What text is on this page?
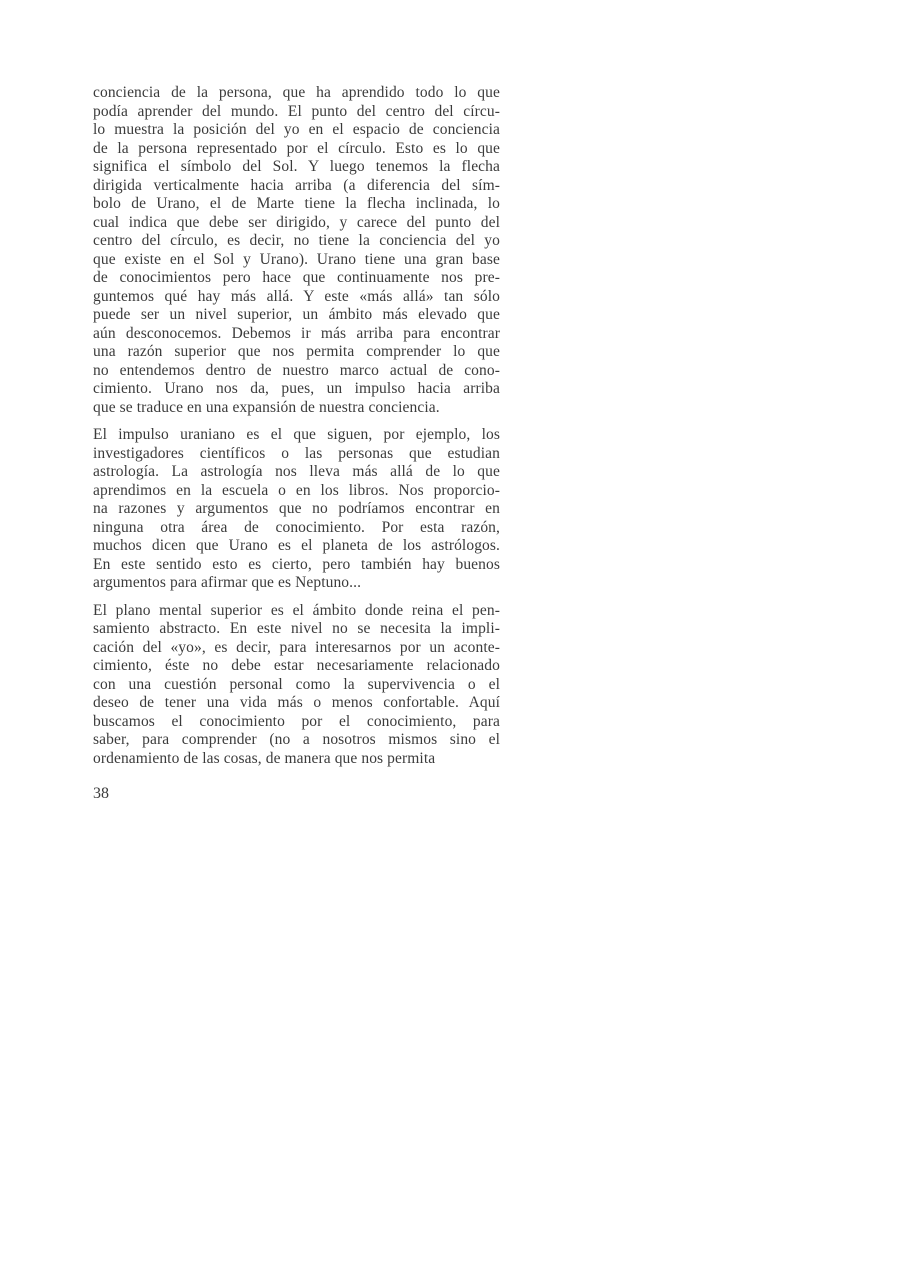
conciencia de la persona, que ha aprendido todo lo que
podía aprender del mundo. El punto del centro del círcu-
lo muestra la posición del yo en el espacio de conciencia
de la persona representado por el círculo. Esto es lo que
significa el símbolo del Sol. Y luego tenemos la flecha
dirigida verticalmente hacia arriba (a diferencia del sím-
bolo de Urano, el de Marte tiene la flecha inclinada, lo
cual indica que debe ser dirigido, y carece del punto del
centro del círculo, es decir, no tiene la conciencia del yo
que existe en el Sol y Urano). Urano tiene una gran base
de conocimientos pero hace que continuamente nos pre-
guntemos qué hay más allá. Y este «más allá» tan sólo
puede ser un nivel superior, un ámbito más elevado que
aún desconocemos. Debemos ir más arriba para encontrar
una razón superior que nos permita comprender lo que
no entendemos dentro de nuestro marco actual de cono-
cimiento. Urano nos da, pues, un impulso hacia arriba
que se traduce en una expansión de nuestra conciencia.
El impulso uraniano es el que siguen, por ejemplo, los
investigadores científicos o las personas que estudian
astrología. La astrología nos lleva más allá de lo que
aprendimos en la escuela o en los libros. Nos proporcio-
na razones y argumentos que no podríamos encontrar en
ninguna otra área de conocimiento. Por esta razón,
muchos dicen que Urano es el planeta de los astrólogos.
En este sentido esto es cierto, pero también hay buenos
argumentos para afirmar que es Neptuno...
El plano mental superior es el ámbito donde reina el pen-
samiento abstracto. En este nivel no se necesita la impli-
cación del «yo», es decir, para interesarnos por un aconte-
cimiento, éste no debe estar necesariamente relacionado
con una cuestión personal como la supervivencia o el
deseo de tener una vida más o menos confortable. Aquí
buscamos el conocimiento por el conocimiento, para
saber, para comprender (no a nosotros mismos sino el
ordenamiento de las cosas, de manera que nos permita
38
